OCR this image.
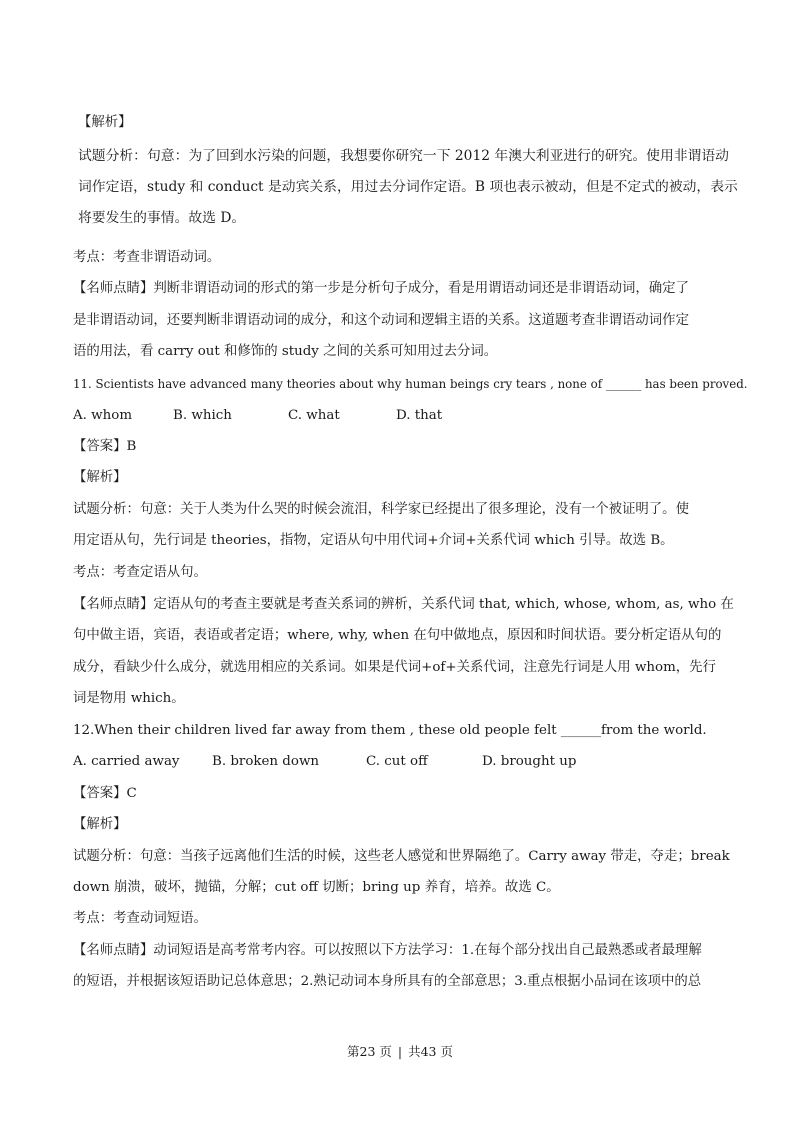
【解析】
试题分析：句意：为了回到水污染的问题，我想要你研究一下 2012 年澳大利亚进行的研究。使用非谓语动
词作定语，study 和 conduct 是动宾关系，用过去分词作定语。B 项也表示被动，但是不定式的被动，表示
将要发生的事情。故选 D。
考点：考查非谓语动词。
【名师点睛】判断非谓语动词的形式的第一步是分析句子成分，看是用谓语动词还是非谓语动词，确定了
是非谓语动词，还要判断非谓语动词的成分，和这个动词和逻辑主语的关系。这道题考查非谓语动词作定
语的用法，看 carry out 和修饰的 study 之间的关系可知用过去分词。
11. Scientists have advanced many theories about why human beings cry tears , none of ______ has been proved.
A. whom	B. which	C. what	D. that
【答案】B
【解析】
试题分析：句意：关于人类为什么哭的时候会流泪，科学家已经提出了很多理论，没有一个被证明了。使
用定语从句，先行词是 theories，指物，定语从句中用代词+介词+关系代词 which 引导。故选 B。
考点：考查定语从句。
【名师点睛】定语从句的考查主要就是考查关系词的辨析，关系代词 that, which, whose, whom, as, who 在
句中做主语，宾语，表语或者定语；where, why, when 在句中做地点，原因和时间状语。要分析定语从句的
成分，看缺少什么成分，就选用相应的关系词。如果是代词+of+关系代词，注意先行词是人用 whom，先行
词是物用 which。
12.When their children lived far away from them , these old people felt ______from the world.
A. carried away B. broken down	C. cut off	D. brought up
【答案】C
【解析】
试题分析：句意：当孩子远离他们生活的时候，这些老人感觉和世界隔绝了。Carry away 带走，夺走；break
down 崩溃，破坏，抛锚，分解；cut off 切断；bring up 养育，培养。故选 C。
考点：考查动词短语。
【名师点睛】动词短语是高考常考内容。可以按照以下方法学习：1.在每个部分找出自己最熟悉或者最理解
的短语，并根据该短语助记总体意思；2.熟记动词本身所具有的全部意思；3.重点根据小品词在该项中的总
第23 页 | 共43 页
